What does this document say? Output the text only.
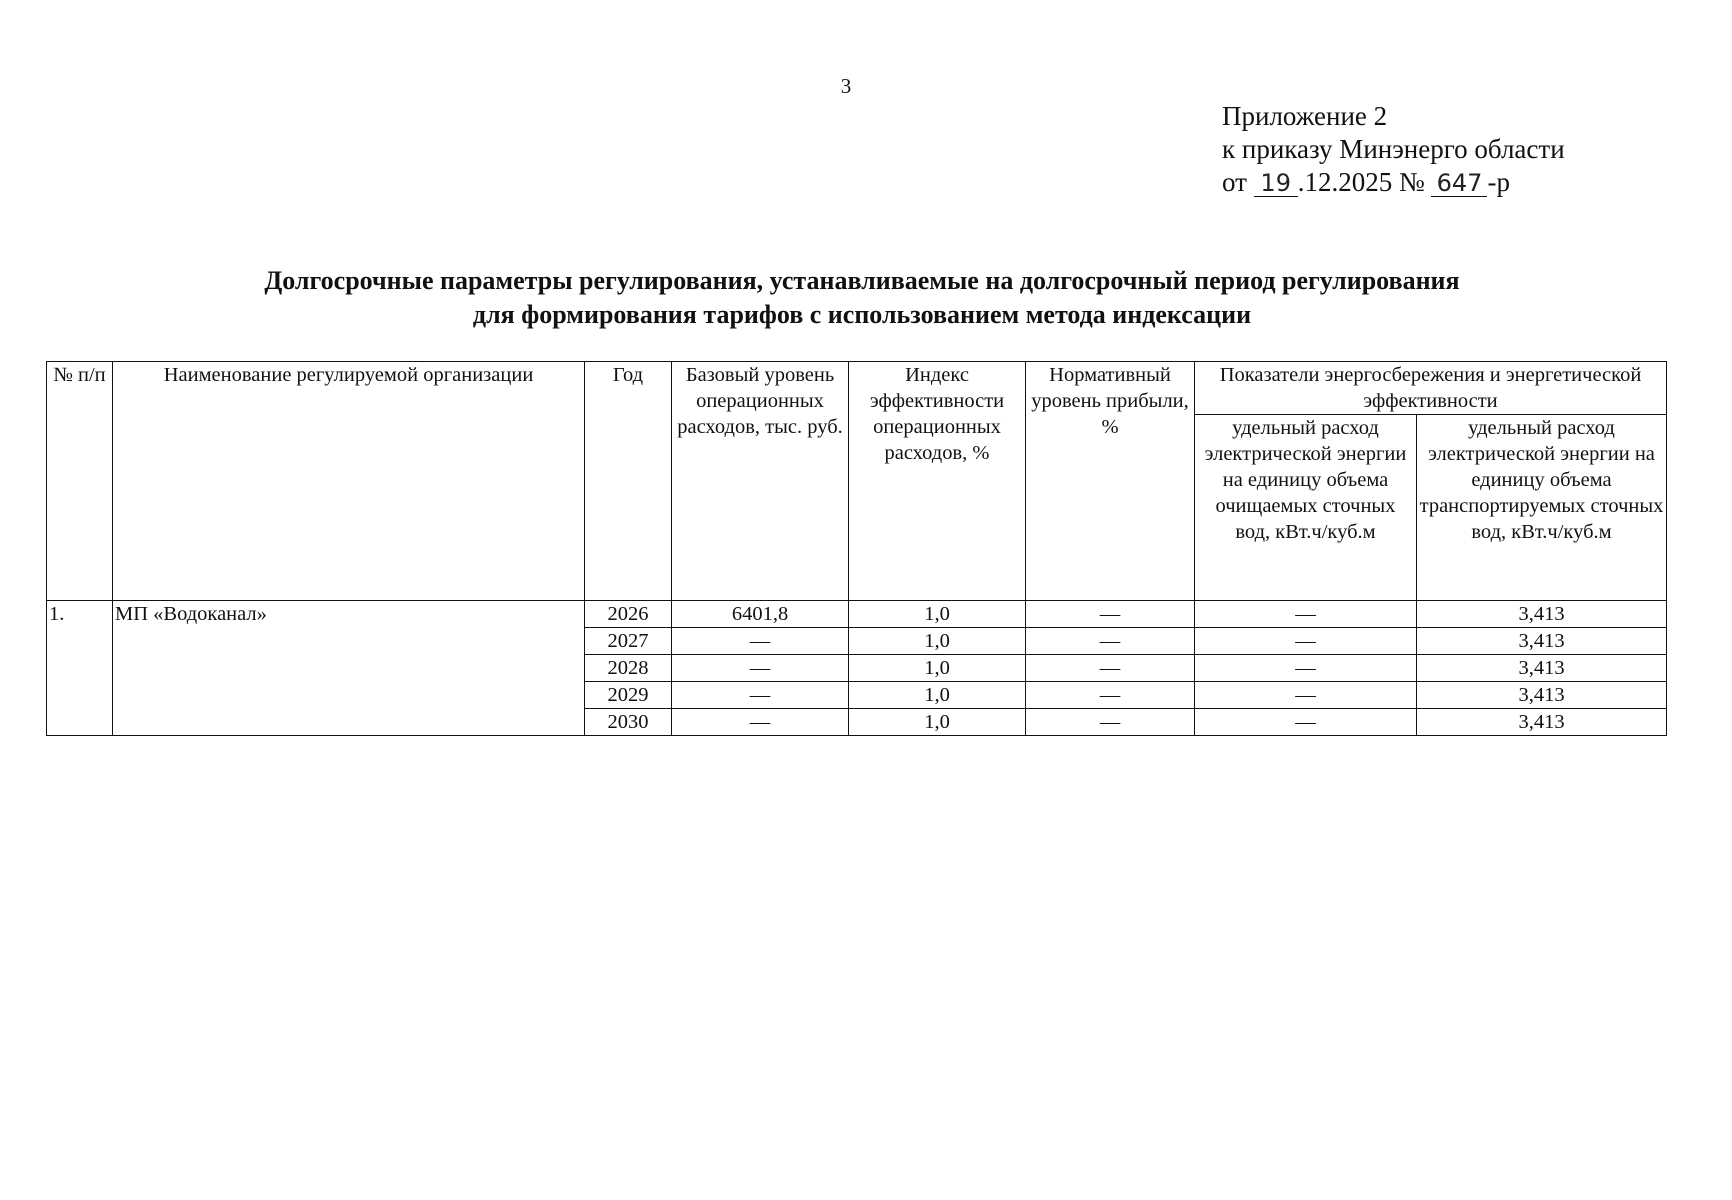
3
Приложение 2
к приказу Минэнерго области
от 19 .12.2025 № 647 -р
Долгосрочные параметры регулирования, устанавливаемые на долгосрочный период регулирования
для формирования тарифов с использованием метода индексации
№ п/п	Наименование регулируемой организации	Год	Базовый уровень операционных расходов, тыс. руб.	Индекс эффективности операционных расходов, %	Нормативный уровень прибыли, %	Показатели энергосбережения и энергетической эффективности	
						удельный расход электрической энергии на единицу объема очищаемых сточных вод, кВт.ч/куб.м	удельный расход электрической энергии на единицу объема транспортируемых сточных вод, кВт.ч/куб.м
1.	МП «Водоканал»	2026	6401,8	1,0	—	—	3,413
		2027	—	1,0	—	—	3,413
		2028	—	1,0	—	—	3,413
		2029	—	1,0	—	—	3,413
		2030	—	1,0	—	—	3,413
